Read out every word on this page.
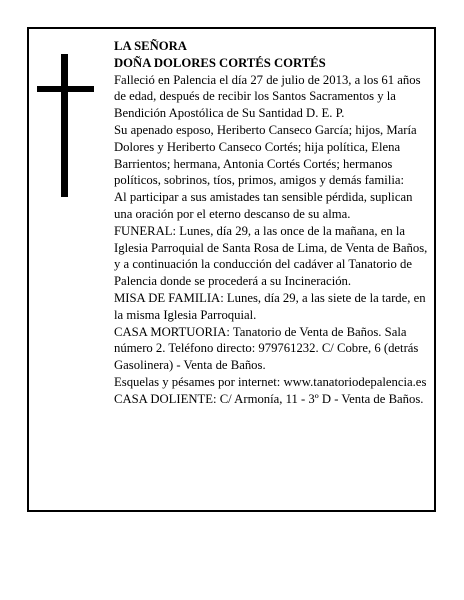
LA SEÑORA

DOÑA DOLORES CORTÉS CORTÉS

Falleció en Palencia el día 27 de julio de 2013, a los 61 años de edad, después de recibir los Santos Sacramentos y la Bendición Apostólica de Su Santidad D. E. P.

Su apenado esposo, Heriberto Canseco García; hijos, María Dolores y Heriberto Canseco Cortés; hija política, Elena Barrientos; hermana, Antonia Cortés Cortés; hermanos políticos, sobrinos, tíos, primos, amigos y demás familia:

Al participar a sus amistades tan sensible pérdida, suplican una oración por el eterno descanso de su alma.

FUNERAL: Lunes, día 29, a las once de la mañana, en la Iglesia Parroquial de Santa Rosa de Lima, de Venta de Baños, y a continuación la conducción del cadáver al Tanatorio de Palencia donde se procederá a su Incineración.

MISA DE FAMILIA: Lunes, día 29, a las siete de la tarde, en la misma Iglesia Parroquial.

CASA MORTUORIA: Tanatorio de Venta de Baños. Sala número 2. Teléfono directo: 979761232. C/ Cobre, 6 (detrás Gasolinera) - Venta de Baños.

Esquelas y pésames por internet: www.tanatoriodepalencia.es

CASA DOLIENTE: C/ Armonía, 11 - 3º D - Venta de Baños.
